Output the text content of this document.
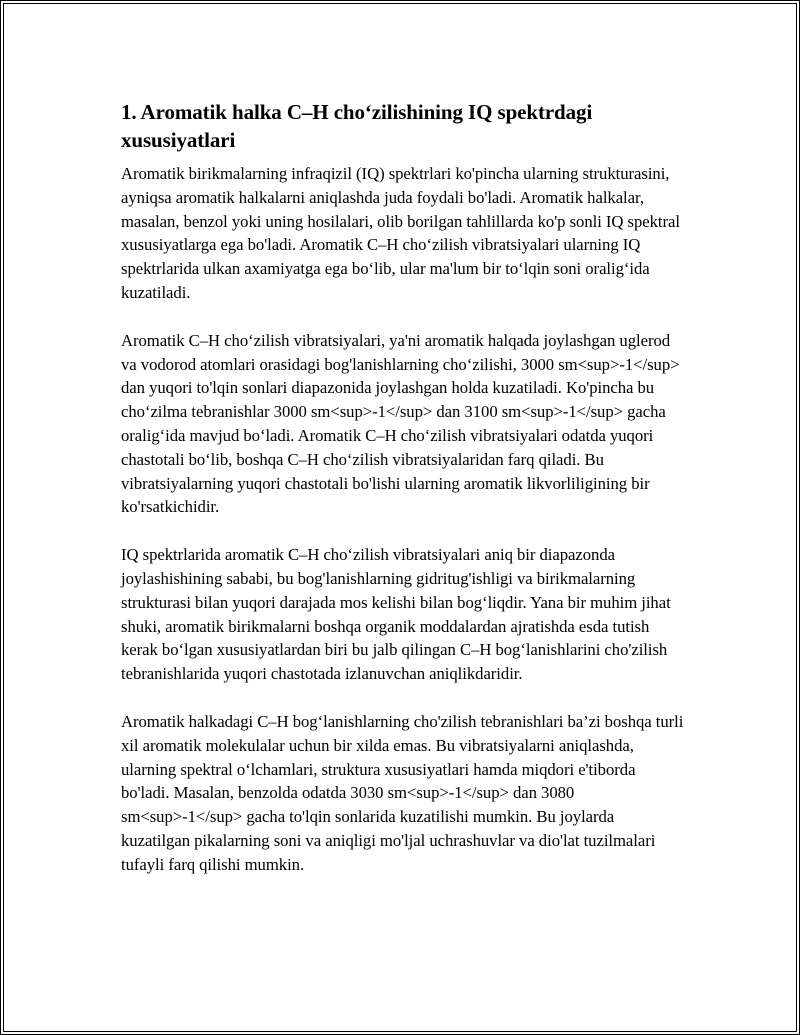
1. Aromatik halka C–H cho‘zilishining IQ spektrdagi xususiyatlari

Aromatik birikmalarning infraqizil (IQ) spektrlari ko'pincha ularning strukturasini, ayniqsa aromatik halkalarni aniqlashda juda foydali bo'ladi. Aromatik halkalar, masalan, benzol yoki uning hosilalari, olib borilgan tahlillarda ko'p sonli IQ spektral xususiyatlarga ega bo'ladi. Aromatik C–H cho‘zilish vibratsiyalari ularning IQ spektrlarida ulkan axamiyatga ega bo‘lib, ular ma'lum bir to‘lqin soni oralig‘ida kuzatiladi.

Aromatik C–H cho‘zilish vibratsiyalari, ya'ni aromatik halqada joylashgan uglerod va vodorod atomlari orasidagi bog'lanishlarning cho‘zilishi, 3000 sm<sup>-1</sup> dan yuqori to'lqin sonlari diapazonida joylashgan holda kuzatiladi. Ko'pincha bu cho‘zilma tebranishlar 3000 sm<sup>-1</sup> dan 3100 sm<sup>-1</sup> gacha oralig‘ida mavjud bo‘ladi. Aromatik C–H cho‘zilish vibratsiyalari odatda yuqori chastotali bo‘lib, boshqa C–H cho‘zilish vibratsiyalaridan farq qiladi. Bu vibratsiyalarning yuqori chastotali bo'lishi ularning aromatik likvorliligining bir ko'rsatkichidir.

IQ spektrlarida aromatik C–H cho‘zilish vibratsiyalari aniq bir diapazonda joylashishining sababi, bu bog'lanishlarning gidritug'ishligi va birikmalarning strukturasi bilan yuqori darajada mos kelishi bilan bog‘liqdir. Yana bir muhim jihat shuki, aromatik birikmalarni boshqa organik moddalardan ajratishda esda tutish kerak bo‘lgan xususiyatlardan biri bu jalb qilingan C–H bog‘lanishlarini cho'zilish tebranishlarida yuqori chastotada izlanuvchan aniqlikdaridir.

Aromatik halkadagi C–H bog‘lanishlarning cho'zilish tebranishlari ba’zi boshqa turli xil aromatik molekulalar uchun bir xilda emas. Bu vibratsiyalarni aniqlashda, ularning spektral o‘lchamlari, struktura xususiyatlari hamda miqdori e'tiborda bo'ladi. Masalan, benzolda odatda 3030 sm<sup>-1</sup> dan 3080 sm<sup>-1</sup> gacha to'lqin sonlarida kuzatilishi mumkin. Bu joylarda kuzatilgan pikalarning soni va aniqligi mo'ljal uchrashuvlar va dio'lat tuzilmalari tufayli farq qilishi mumkin.
